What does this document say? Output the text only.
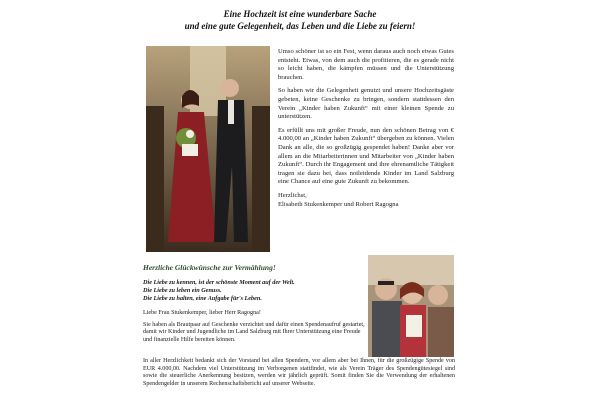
Eine Hochzeit ist eine wunderbare Sache
und eine gute Gelegenheit, das Leben und die Liebe zu feiern!

Umso schöner ist so ein Fest, wenn daraus auch noch etwas Gutes entsteht. Etwas, von dem auch die profitieren, die es gerade nicht so leicht haben, die kämpfen müssen und die Unterstützung brauchen.

So haben wir die Gelegenheit genutzt und unsere Hochzeitsgäste gebeten, keine Geschenke zu bringen, sondern stattdessen den Verein „Kinder haben Zukunft“ mit einer kleinen Spende zu unterstützen.

Es erfüllt uns mit großer Freude, nun den schönen Betrag von € 4.000,00 an „Kinder haben Zukunft“ übergeben zu können. Vielen Dank an alle, die so großzügig gespendet haben! Danke aber vor allem an die Mitarbeiterinnen und Mitarbeiter von „Kinder haben Zukunft“. Durch ihr Engagement und ihre ehrenamtliche Tätigkeit tragen sie dazu bei, dass notleidende Kinder im Land Salzburg eine Chance auf eine gute Zukunft zu bekommen.

Herzlichst,
Elisabeth Stukenkemper und Robert Ragogna
Herzliche Glückwünsche zur Vermählung!
Die Liebe zu kennen, ist der schönste Moment auf der Welt.
Die Liebe zu leben ein Genuss.
Die Liebe zu halten, eine Aufgabe für's Leben.

Liebe Frau Stukenkemper, lieber Herr Ragogna!

Sie haben als Brautpaar auf Geschenke verzichtet und dafür einen Spendenaufruf gestartet, damit wir Kinder und Jugendliche im Land Salzburg mit Ihrer Unterstützung eine Freude und finanzielle Hilfe bereiten können.

In aller Herzlichkeit bedankt sich der Vorstand bei allen Spendern, vor allem aber bei Ihnen, für die großzügige Spende von EUR 4.000,00. Nachdem viel Unterstützung im Verborgenen stattfindet, wie als Verein Träger des Spendengütesiegel sind sowie die steuerliche Anerkennung besitzen, werden wir jährlich geprüft. Somit finden Sie die Verwendung der erhaltenen Spendengelder in unserem Rechenschaftsbericht auf unserer Webseite.
